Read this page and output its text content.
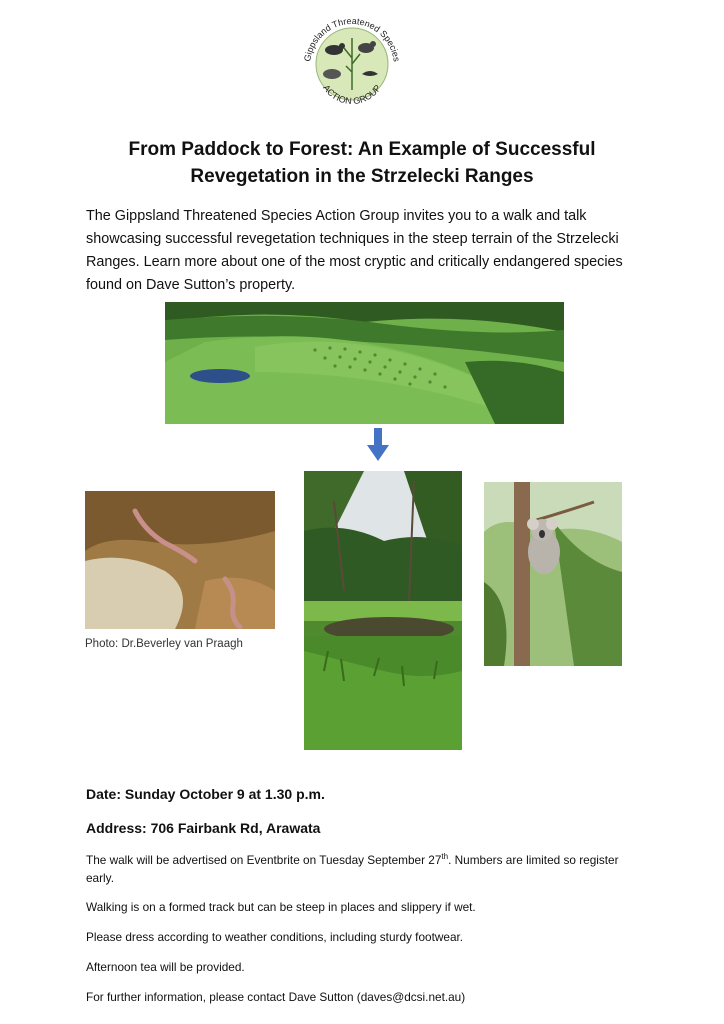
Gippsland Threatened Species
ACTION GROUP
From Paddock to Forest: An Example of Successful
Revegetation in the Strzelecki Ranges
The Gippsland Threatened Species Action Group invites you to a walk and talk showcasing successful revegetation techniques in the steep terrain of the Strzelecki Ranges. Learn more about one of the most cryptic and critically endangered species found on Dave Sutton’s property.
Photo: Dr.Beverley van Praagh
Date: Sunday October 9 at 1.30 p.m.
Address: 706 Fairbank Rd, Arawata
The walk will be advertised on Eventbrite on Tuesday September 27th. Numbers are limited so register early.
Walking is on a formed track but can be steep in places and slippery if wet.
Please dress according to weather conditions, including sturdy footwear.
Afternoon tea will be provided.
For further information, please contact Dave Sutton (daves@dcsi.net.au)
